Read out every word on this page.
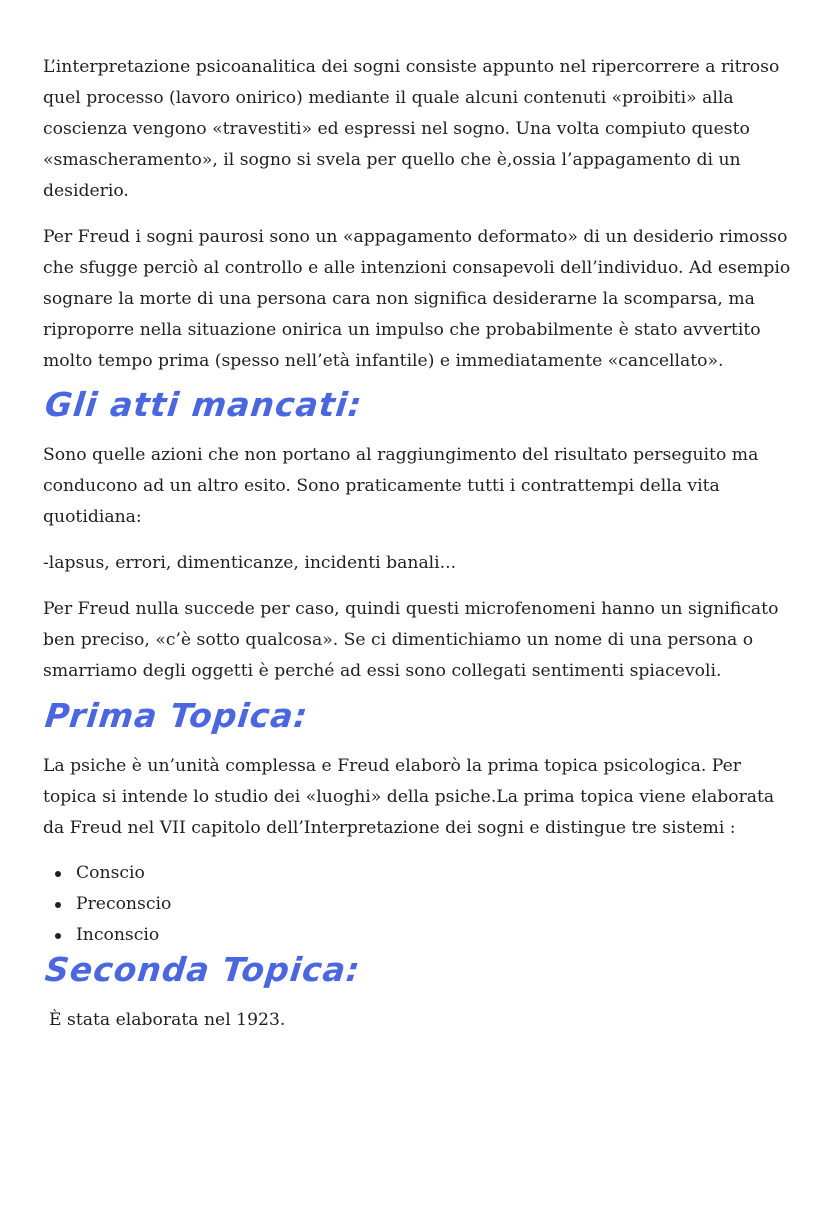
L’interpretazione psicoanalitica dei sogni consiste appunto nel ripercorrere a ritroso quel processo (lavoro onirico) mediante il quale alcuni contenuti «proibiti» alla coscienza vengono «travestiti» ed espressi nel sogno. Una volta compiuto questo «smascheramento», il sogno si svela per quello che è,ossia l’appagamento di un desiderio.

Per Freud i sogni paurosi sono un «appagamento deformato» di un desiderio rimosso che sfugge perciò al controllo e alle intenzioni consapevoli dell’individuo. Ad esempio sognare la morte di una persona cara non significa desiderarne la scomparsa, ma riproporre nella situazione onirica un impulso che probabilmente è stato avvertito molto tempo prima (spesso nell’età infantile) e immediatamente «cancellato».

Gli atti mancati:

Sono quelle azioni che non portano al raggiungimento del risultato perseguito ma conducono ad un altro esito. Sono praticamente tutti i contrattempi della vita quotidiana:

-lapsus, errori, dimenticanze, incidenti banali...

Per Freud nulla succede per caso, quindi questi microfenomeni hanno un significato ben preciso, «c’è sotto qualcosa». Se ci dimentichiamo un nome di una persona o smarriamo degli oggetti è perché ad essi sono collegati sentimenti spiacevoli.

Prima Topica:

La psiche è un’unità complessa e Freud elaborò la prima topica psicologica. Per topica si intende lo studio dei «luoghi» della psiche.La prima topica viene elaborata da Freud nel VII capitolo dell’Interpretazione dei sogni e distingue tre sistemi :

Conscio
Preconscio
Inconscio
Seconda Topica:

È stata elaborata nel 1923.
